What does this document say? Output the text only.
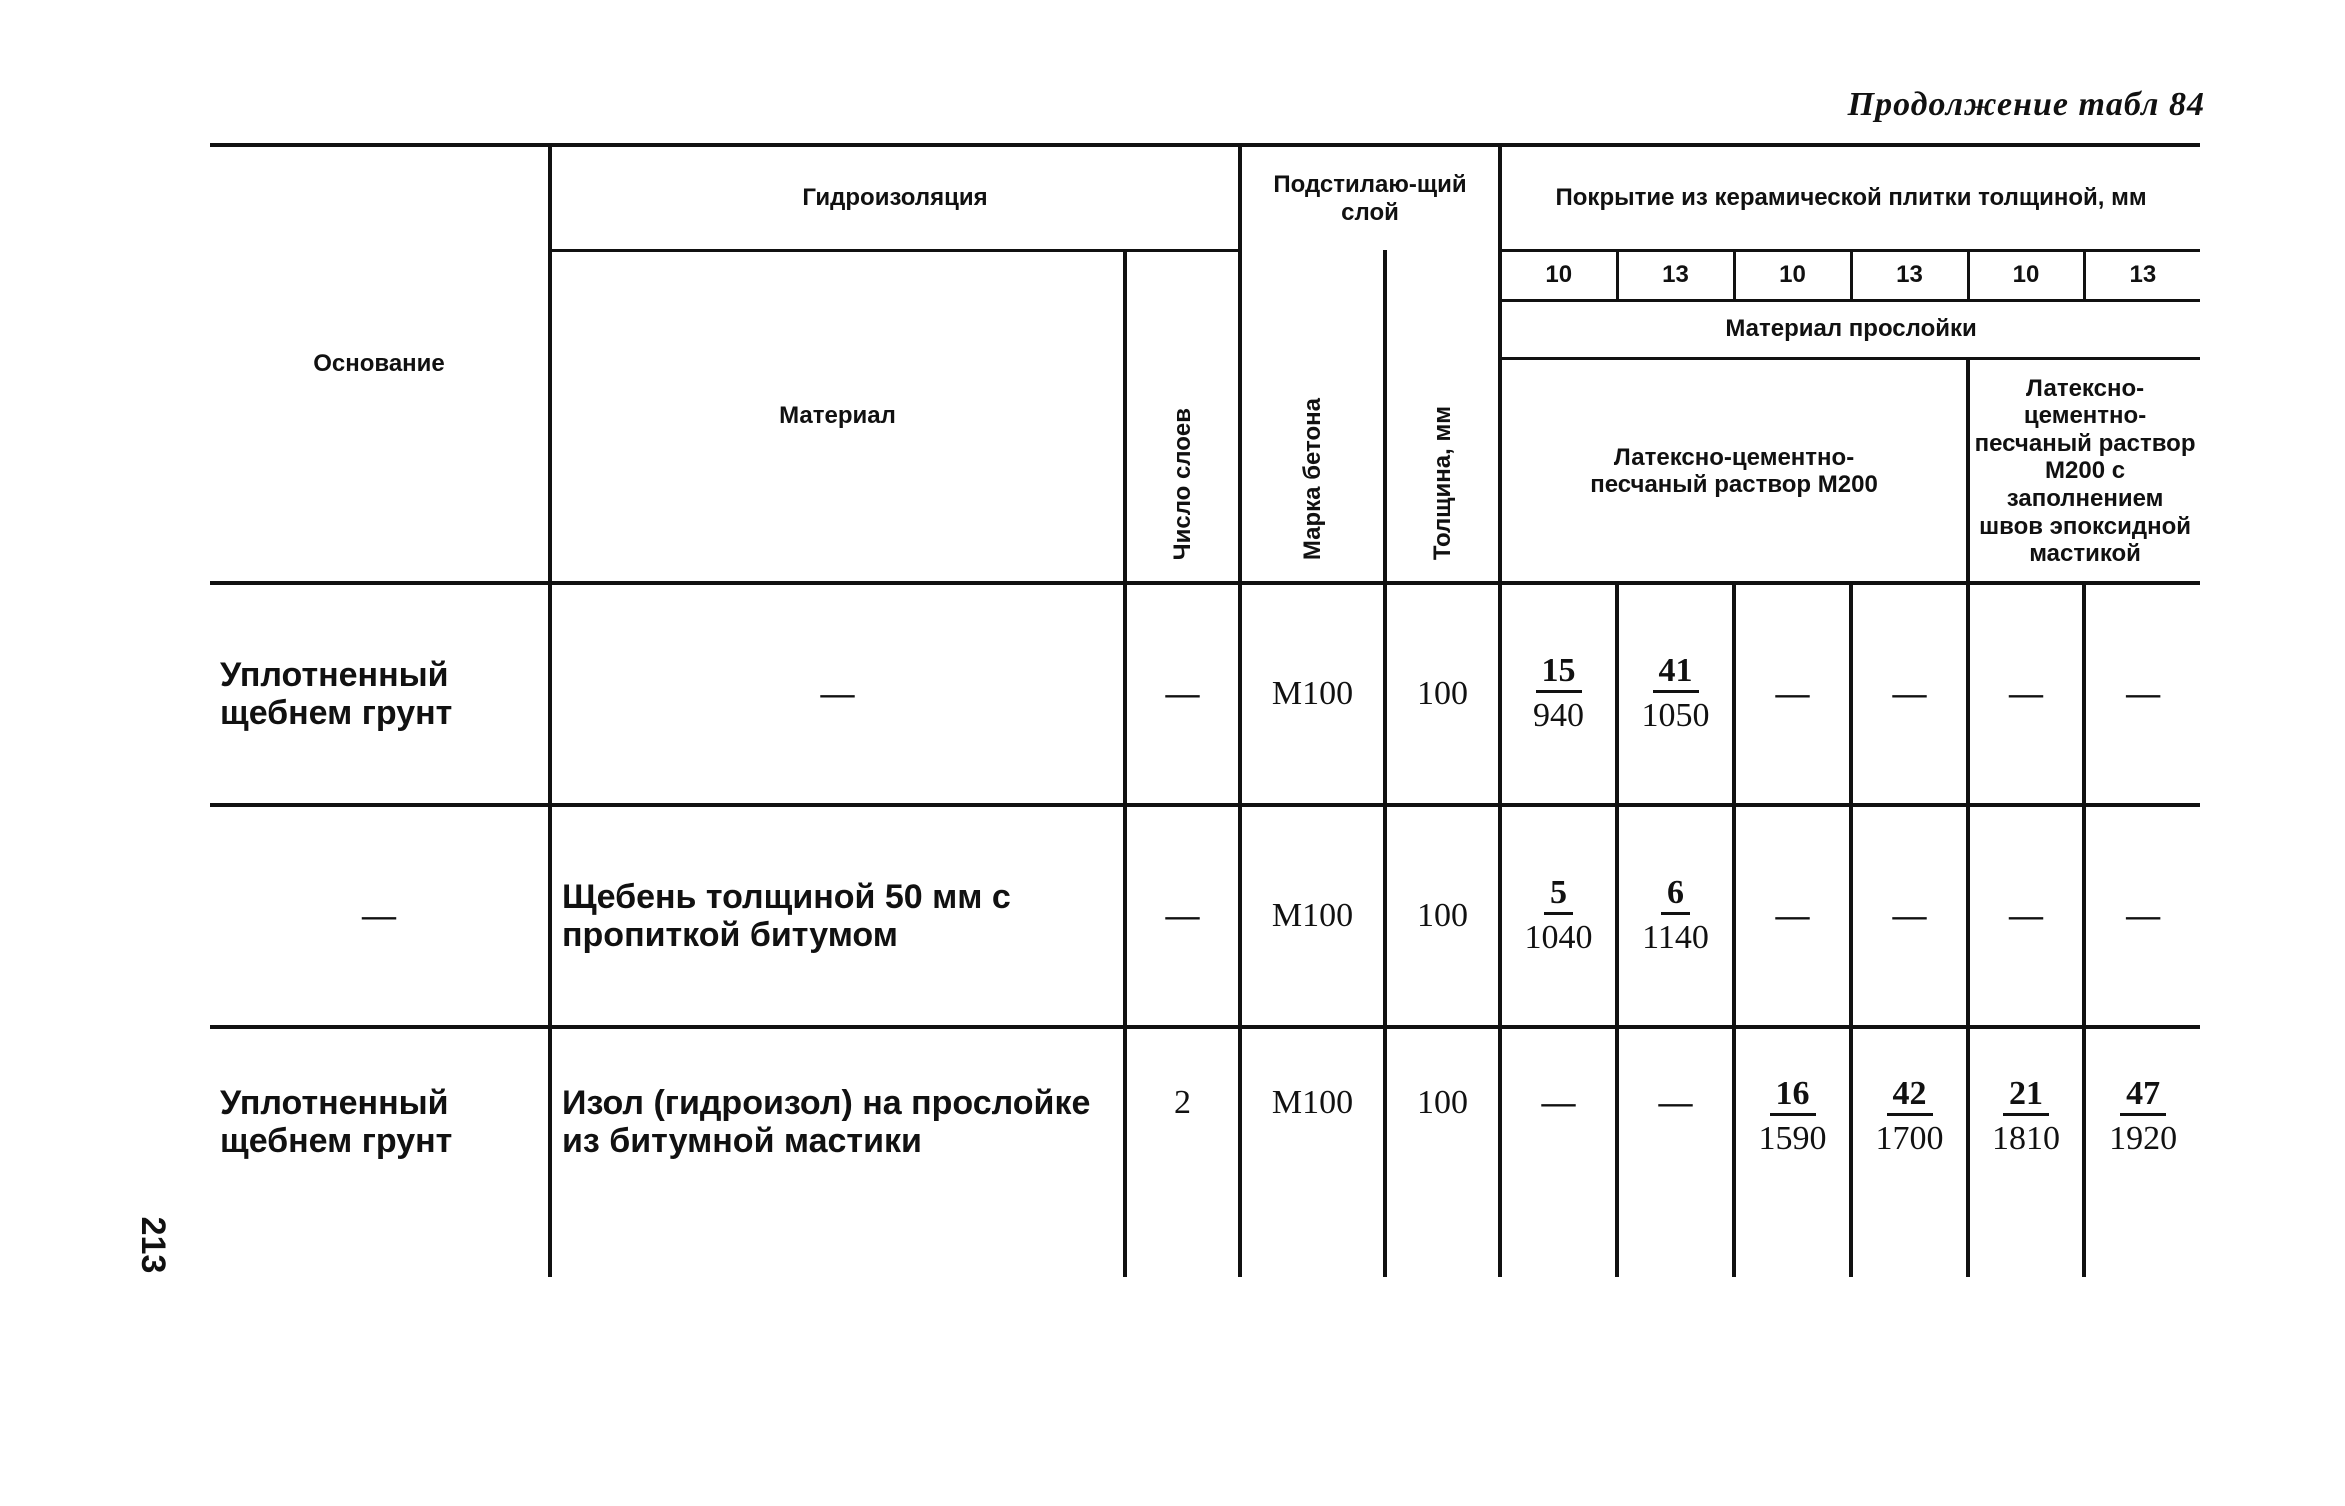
Продолжение табл 84
213
Основание	Гидроизоляция		Подстилаю-щий слой		Покрытие из керамической плитки толщиной, мм					
	Материал	Число слоев	Марка бетона	Толщина, мм	10	13	10	13	10	13
					Материал прослойки					
					Латексно-цементно-песчаный раствор М200				Латексно-цементно-песчаный раствор М200 с заполнением швов эпоксидной мастикой	

Уплотненный щебнем грунт	—	—	М100	100	$\frac{15}{940}$	$\frac{41}{1050}$	—	—	—	—
—	Щебень толщиной 50 мм с пропиткой битумом	—	М100	100	$\frac{5}{1040}$	$\frac{6}{1140}$	—	—	—	—
Уплотненный щебнем грунт	Изол (гидроизол) на прослойке из битумной мастики	2	М100	100	—	—	$\frac{16}{1590}$	$\frac{42}{1700}$	$\frac{21}{1810}$	$\frac{47}{1920}$
